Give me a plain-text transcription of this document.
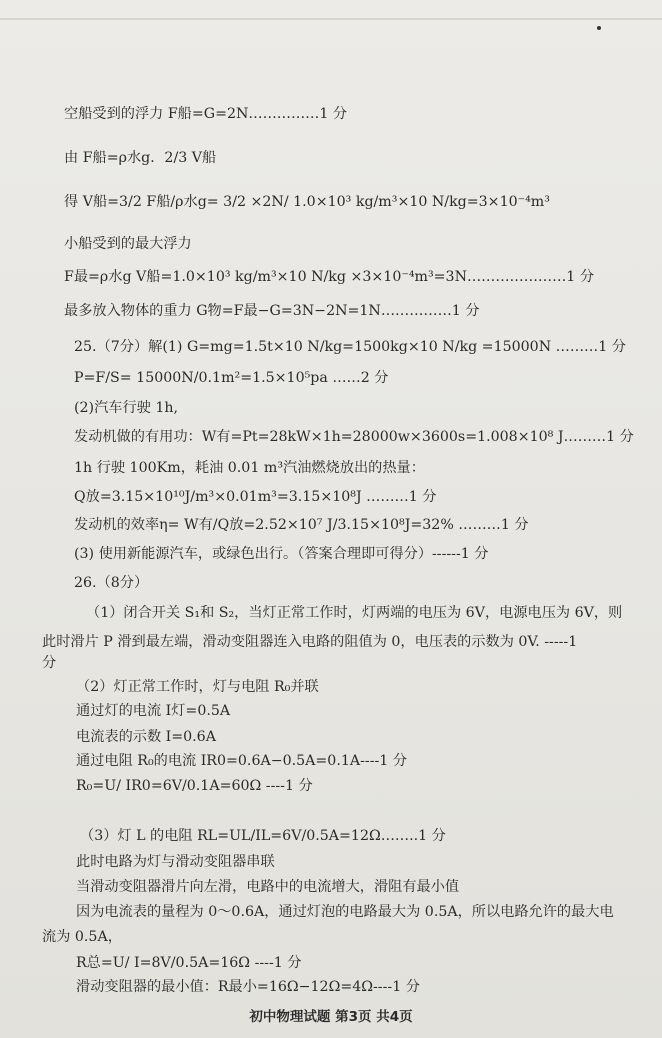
空船受到的浮力 F船=G=2N……………1 分
由 F船=ρ水g．2/3 V船
得 V船=3/2 F船/ρ水g= 3/2 ×2N/ 1.0×10³ kg/m³×10 N/kg=3×10⁻⁴m³
小船受到的最大浮力
F最=ρ水g V船=1.0×10³ kg/m³×10 N/kg ×3×10⁻⁴m³=3N…………………1 分
最多放入物体的重力 G物=F最−G=3N−2N=1N……………1 分
25.（7分）解(1) G=mg=1.5t×10 N/kg=1500kg×10 N/kg =15000N ………1 分
P=F/S= 15000N/0.1m²=1.5×10⁵pa ……2 分
(2)汽车行驶 1h,
发动机做的有用功：W有=Pt=28kW×1h=28000w×3600s=1.008×10⁸ J………1 分
1h 行驶 100Km，耗油 0.01 m³汽油燃烧放出的热量：
Q放=3.15×10¹⁰J/m³×0.01m³=3.15×10⁸J ………1 分
发动机的效率η= W有/Q放=2.52×10⁷ J/3.15×10⁸J=32% ………1 分
(3) 使用新能源汽车，或绿色出行。（答案合理即可得分）------1 分
26.（8分）
（1）闭合开关 S₁和 S₂，当灯正常工作时，灯两端的电压为 6V，电源电压为 6V，则
此时滑片 P 滑到最左端，滑动变阻器连入电路的阻值为 0，电压表的示数为 0V. -----1
分
（2）灯正常工作时，灯与电阻 R₀并联
通过灯的电流 I灯=0.5A
电流表的示数 I=0.6A
通过电阻 R₀的电流 IR0=0.6A−0.5A=0.1A----1 分
R₀=U/ IR0=6V/0.1A=60Ω ----1 分
（3）灯 L 的电阻 RL=UL/IL=6V/0.5A=12Ω……..1 分
此时电路为灯与滑动变阻器串联
当滑动变阻器滑片向左滑，电路中的电流增大，滑阻有最小值
因为电流表的量程为 0～0.6A，通过灯泡的电路最大为 0.5A，所以电路允许的最大电
流为 0.5A，
R总=U/ I=8V/0.5A=16Ω ----1 分
滑动变阻器的最小值：R最小=16Ω−12Ω=4Ω----1 分
初中物理试题 第3页 共4页
